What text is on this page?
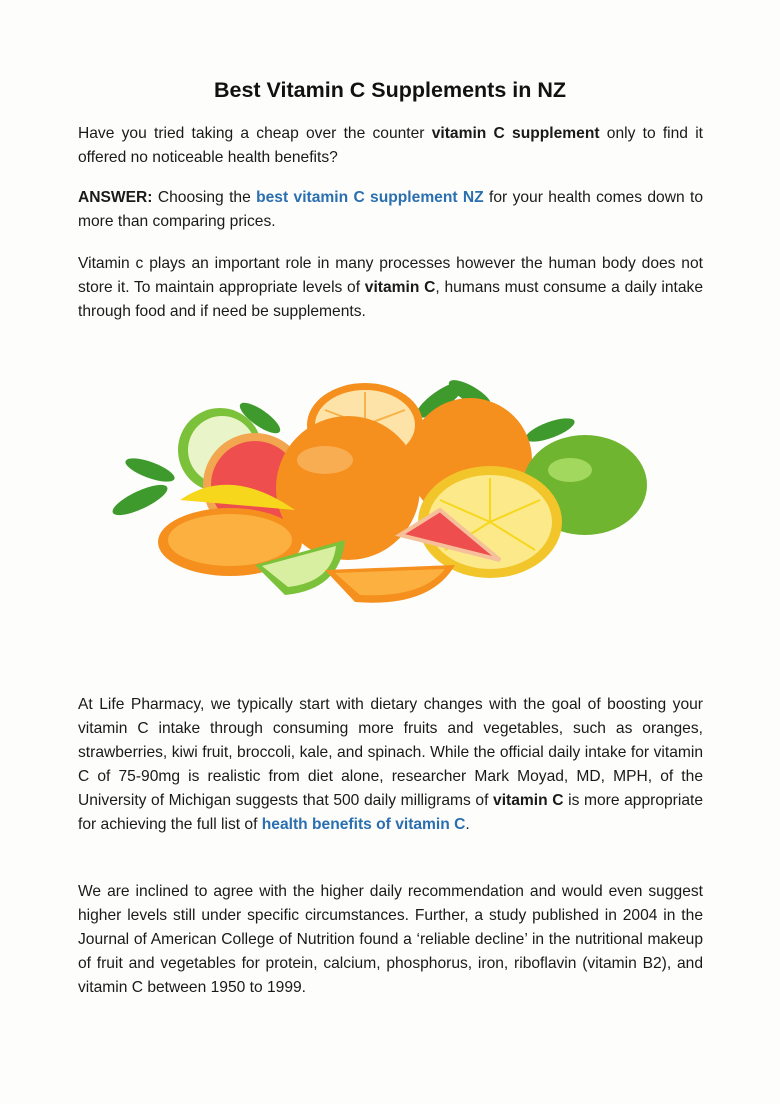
Best Vitamin C Supplements in NZ

Have you tried taking a cheap over the counter vitamin C supplement only to find it offered no noticeable health benefits?

ANSWER: Choosing the best vitamin C supplement NZ for your health comes down to more than comparing prices.

Vitamin c plays an important role in many processes however the human body does not store it. To maintain appropriate levels of vitamin C, humans must consume a daily intake through food and if need be supplements.

At Life Pharmacy, we typically start with dietary changes with the goal of boosting your vitamin C intake through consuming more fruits and vegetables, such as oranges, strawberries, kiwi fruit, broccoli, kale, and spinach. While the official daily intake for vitamin C of 75-90mg is realistic from diet alone, researcher Mark Moyad, MD, MPH, of the University of Michigan suggests that 500 daily milligrams of vitamin C is more appropriate for achieving the full list of health benefits of vitamin C.

We are inclined to agree with the higher daily recommendation and would even suggest higher levels still under specific circumstances. Further, a study published in 2004 in the Journal of American College of Nutrition found a ‘reliable decline’ in the nutritional makeup of fruit and vegetables for protein, calcium, phosphorus, iron, riboflavin (vitamin B2), and vitamin C between 1950 to 1999.
